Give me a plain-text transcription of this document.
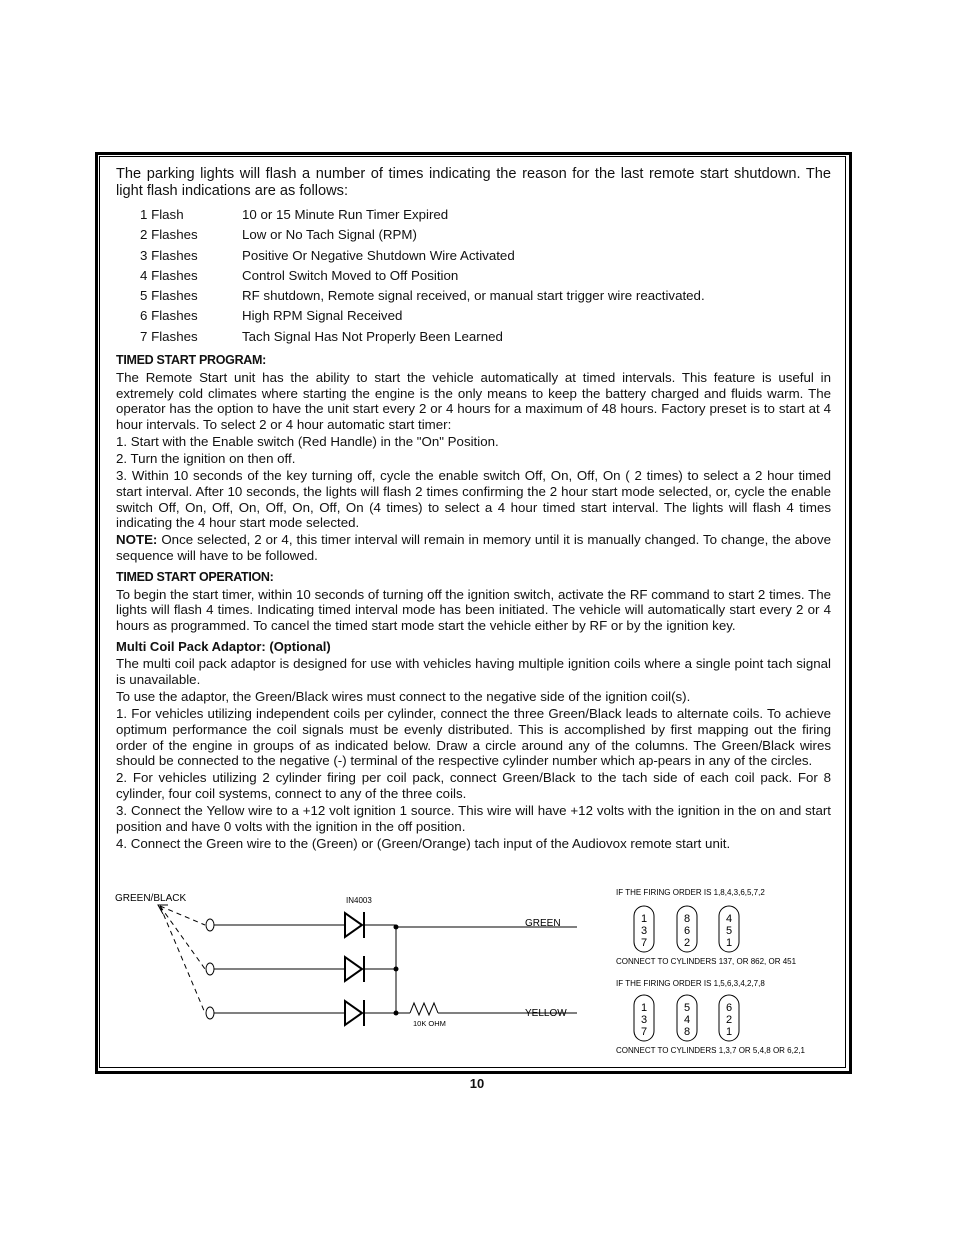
The parking lights will flash a number of times indicating the reason for the last remote start shutdown. The light flash indications are as follows:

1 Flash	10 or 15 Minute Run Timer Expired
2 Flashes	Low or No Tach Signal (RPM)
3 Flashes	Positive Or Negative Shutdown Wire Activated
4 Flashes	Control Switch Moved to Off Position
5 Flashes	RF shutdown, Remote signal received, or manual start trigger wire reactivated.
6 Flashes	High RPM Signal Received
7 Flashes	Tach Signal Has Not Properly Been Learned
TIMED START PROGRAM:

The Remote Start unit has the ability to start the vehicle automatically at timed intervals. This feature is useful in extremely cold climates where starting the engine is the only means to keep the battery charged and fluids warm. The operator has the option to have the unit start every 2 or 4 hours for a maximum of 48 hours. Factory preset is to start at 4 hour intervals. To select 2 or 4 hour automatic start timer:

1. Start with the Enable switch (Red Handle) in the "On" Position.

2. Turn the ignition on then off.

3. Within 10 seconds of the key turning off, cycle the enable switch Off, On, Off, On ( 2 times) to select a 2 hour timed start interval. After 10 seconds, the lights will flash 2 times confirming the 2 hour start mode selected, or, cycle the enable switch Off, On, Off, On, Off, On, Off, On (4 times) to select a 4 hour timed start interval. The lights will flash 4 times indicating the 4 hour start mode selected.

NOTE: Once selected, 2 or 4, this timer interval will remain in memory until it is manually changed. To change, the above sequence will have to be followed.

TIMED START OPERATION:

To begin the start timer, within 10 seconds of turning off the ignition switch, activate the RF command to start 2 times. The lights will flash 4 times. Indicating timed interval mode has been initiated. The vehicle will automatically start every 2 or 4 hours as programmed. To cancel the timed start mode start the vehicle either by RF or by the ignition key.

Multi Coil Pack Adaptor: (Optional)

The multi coil pack adaptor is designed for use with vehicles having multiple ignition coils where a single point tach signal is unavailable.

To use the adaptor, the Green/Black wires must connect to the negative side of the ignition coil(s).

1. For vehicles utilizing independent coils per cylinder, connect the three Green/Black leads to alternate coils. To achieve optimum performance the coil signals must be evenly distributed. This is accomplished by first mapping out the firing order of the engine in groups of as indicated below. Draw a circle around any of the columns. The Green/Black wires should be connected to the negative (-) terminal of the respective cylinder number which ap-pears in any of the circles.

2. For vehicles utilizing 2 cylinder firing per coil pack, connect Green/Black to the tach side of each coil pack. For 8 cylinder, four coil systems, connect to any of the three coils.

3. Connect the Yellow wire to a +12 volt ignition 1 source. This wire will have +12 volts with the ignition in the on and start position and have 0 volts with the ignition in the off position.

4. Connect the Green wire to the (Green) or (Green/Orange) tach input of the Audiovox remote start unit.

GREEN/BLACK	IN4003
GREEN
YELLOW
10K OHM
IF THE FIRING ORDER IS 1,8,4,3,6,5,7,2
1
3
7
8
6
2
4
5
1
CONNECT TO CYLINDERS 137, OR 862, OR 451
IF THE FIRING ORDER IS 1,5,6,3,4,2,7,8
1
3
7
5
4
8
6
2
1
CONNECT TO CYLINDERS 1,3,7 OR 5,4,8 OR 6,2,1
10
